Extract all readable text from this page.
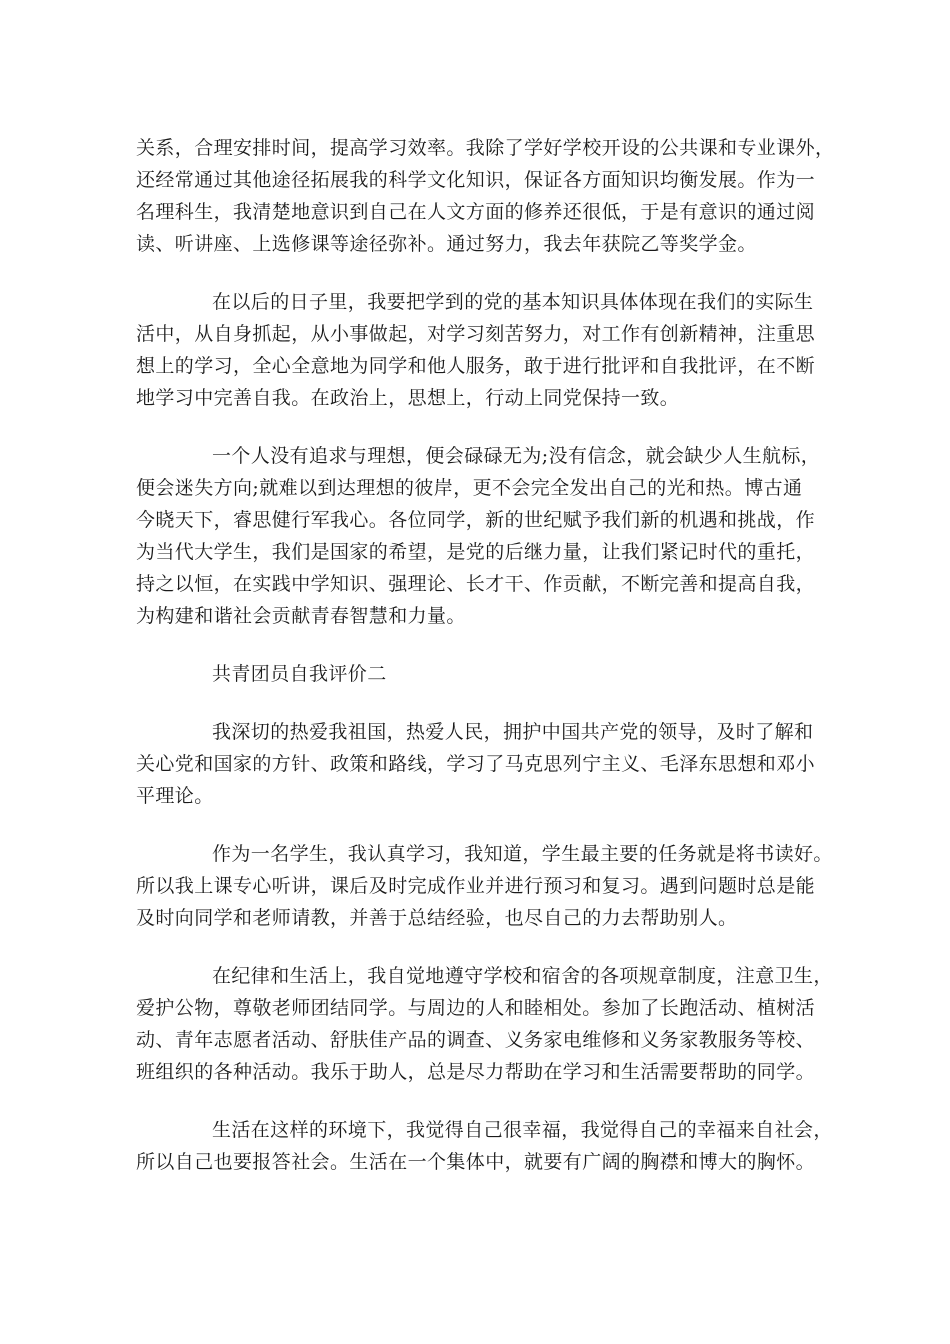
关系，合理安排时间，提高学习效率。我除了学好学校开设的公共课和专业课外，
还经常通过其他途径拓展我的科学文化知识，保证各方面知识均衡发展。作为一
名理科生，我清楚地意识到自己在人文方面的修养还很低，于是有意识的通过阅
读、听讲座、上选修课等途径弥补。通过努力，我去年获院乙等奖学金。

在以后的日子里，我要把学到的党的基本知识具体体现在我们的实际生
活中，从自身抓起，从小事做起，对学习刻苦努力，对工作有创新精神，注重思
想上的学习，全心全意地为同学和他人服务，敢于进行批评和自我批评，在不断
地学习中完善自我。在政治上，思想上，行动上同党保持一致。

一个人没有追求与理想，便会碌碌无为;没有信念，就会缺少人生航标，
便会迷失方向;就难以到达理想的彼岸，更不会完全发出自己的光和热。博古通
今晓天下，睿思健行军我心。各位同学，新的世纪赋予我们新的机遇和挑战，作
为当代大学生，我们是国家的希望，是党的后继力量，让我们紧记时代的重托，
持之以恒，在实践中学知识、强理论、长才干、作贡献，不断完善和提高自我，
为构建和谐社会贡献青春智慧和力量。

共青团员自我评价二

我深切的热爱我祖国，热爱人民，拥护中国共产党的领导，及时了解和
关心党和国家的方针、政策和路线，学习了马克思列宁主义、毛泽东思想和邓小
平理论。

作为一名学生，我认真学习，我知道，学生最主要的任务就是将书读好。
所以我上课专心听讲，课后及时完成作业并进行预习和复习。遇到问题时总是能
及时向同学和老师请教，并善于总结经验，也尽自己的力去帮助别人。

在纪律和生活上，我自觉地遵守学校和宿舍的各项规章制度，注意卫生，
爱护公物，尊敬老师团结同学。与周边的人和睦相处。参加了长跑活动、植树活
动、青年志愿者活动、舒肤佳产品的调查、义务家电维修和义务家教服务等校、
班组织的各种活动。我乐于助人，总是尽力帮助在学习和生活需要帮助的同学。

生活在这样的环境下，我觉得自己很幸福，我觉得自己的幸福来自社会，
所以自己也要报答社会。生活在一个集体中，就要有广阔的胸襟和博大的胸怀。
